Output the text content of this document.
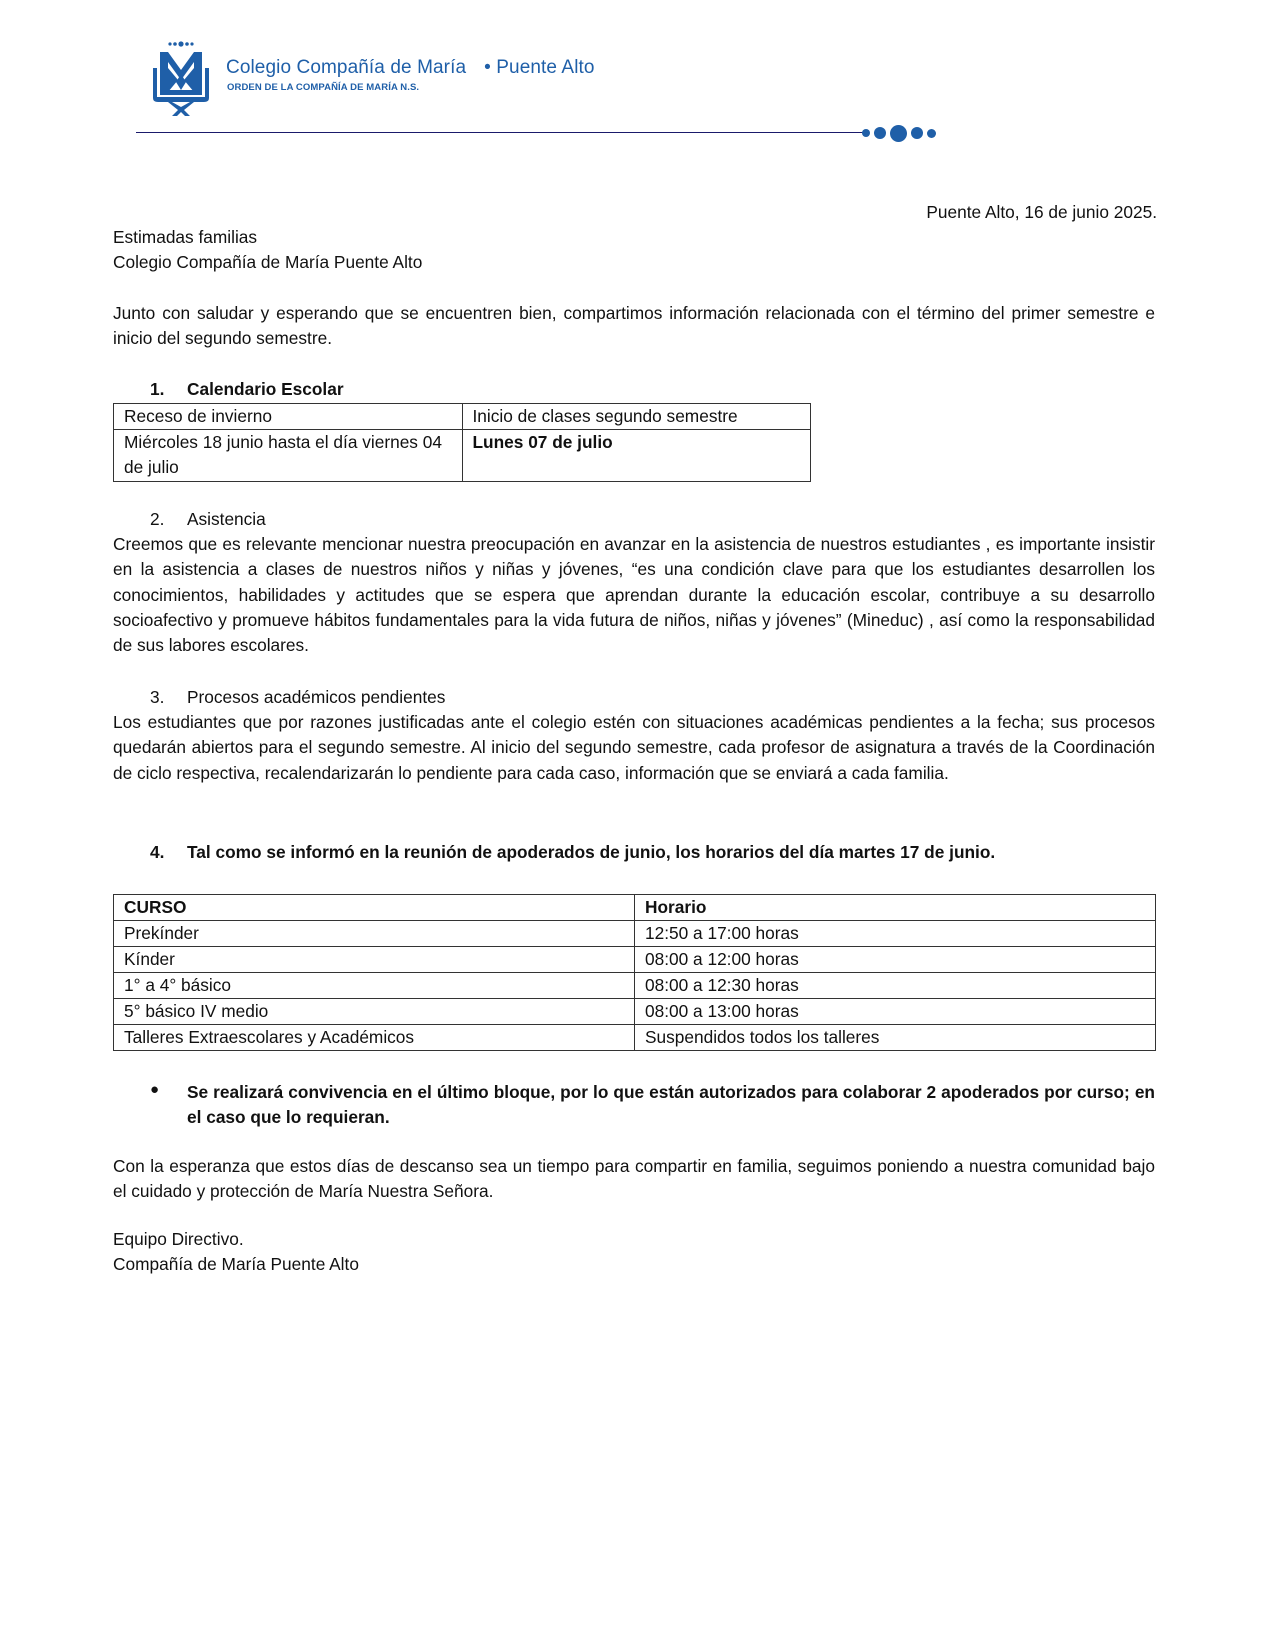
Colegio Compañía de María • Puente Alto
ORDEN DE LA COMPAÑÍA DE MARÍA N.S.
Puente Alto, 16 de junio 2025.
Estimadas familias
Colegio Compañía de María Puente Alto
Junto con saludar y esperando que se encuentren bien, compartimos información relacionada con el término del primer semestre e inicio del segundo semestre.
1. Calendario Escolar
Receso de invierno	Inicio de clases segundo semestre
Miércoles 18 junio hasta el día viernes 04 de julio	Lunes 07 de julio
2. Asistencia
Creemos que es relevante mencionar nuestra preocupación en avanzar en la asistencia de nuestros estudiantes , es importante insistir en la asistencia a clases de nuestros niños y niñas y jóvenes, “es una condición clave para que los estudiantes desarrollen los conocimientos, habilidades y actitudes que se espera que aprendan durante la educación escolar, contribuye a su desarrollo socioafectivo y promueve hábitos fundamentales para la vida futura de niños, niñas y jóvenes” (Mineduc) , así como la responsabilidad de sus labores escolares.
3. Procesos académicos pendientes
Los estudiantes que por razones justificadas ante el colegio estén con situaciones académicas pendientes a la fecha; sus procesos quedarán abiertos para el segundo semestre. Al inicio del segundo semestre, cada profesor de asignatura a través de la Coordinación de ciclo respectiva, recalendarizarán lo pendiente para cada caso, información que se enviará a cada familia.
4. Tal como se informó en la reunión de apoderados de junio, los horarios del día martes 17 de junio.
CURSO	Horario
Prekínder	12:50 a 17:00 horas
Kínder	08:00 a 12:00 horas
1° a 4° básico	08:00 a 12:30 horas
5° básico IV medio	08:00 a 13:00 horas
Talleres Extraescolares y Académicos	Suspendidos todos los talleres
● Se realizará convivencia en el último bloque, por lo que están autorizados para colaborar 2 apoderados por curso; en el caso que lo requieran.
Con la esperanza que estos días de descanso sea un tiempo para compartir en familia, seguimos poniendo a nuestra comunidad bajo el cuidado y protección de María Nuestra Señora.
Equipo Directivo.
Compañía de María Puente Alto
